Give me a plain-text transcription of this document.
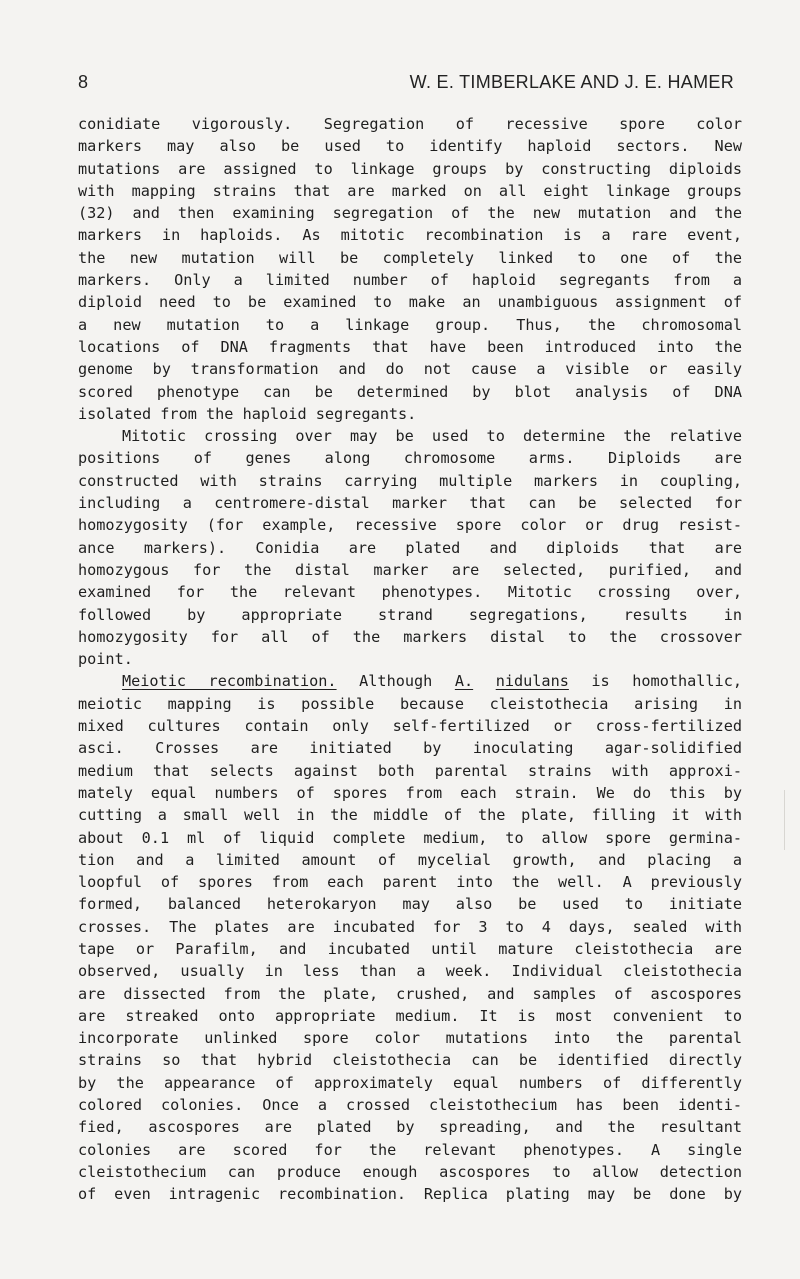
8	W. E. TIMBERLAKE AND J. E. HAMER
conidiate vigorously. Segregation of recessive spore color
markers may also be used to identify haploid sectors. New
mutations are assigned to linkage groups by constructing diploids
with mapping strains that are marked on all eight linkage groups
(32) and then examining segregation of the new mutation and the
markers in haploids. As mitotic recombination is a rare event,
the new mutation will be completely linked to one of the
markers. Only a limited number of haploid segregants from a
diploid need to be examined to make an unambiguous assignment of
a new mutation to a linkage group. Thus, the chromosomal
locations of DNA fragments that have been introduced into the
genome by transformation and do not cause a visible or easily
scored phenotype can be determined by blot analysis of DNA
isolated from the haploid segregants.
Mitotic crossing over may be used to determine the relative
positions of genes along chromosome arms. Diploids are
constructed with strains carrying multiple markers in coupling,
including a centromere-distal marker that can be selected for
homozygosity (for example, recessive spore color or drug resist-
ance markers). Conidia are plated and diploids that are
homozygous for the distal marker are selected, purified, and
examined for the relevant phenotypes. Mitotic crossing over,
followed by appropriate strand segregations, results in
homozygosity for all of the markers distal to the crossover
point.
Meiotic recombination. Although A. nidulans is homothallic,
meiotic mapping is possible because cleistothecia arising in
mixed cultures contain only self-fertilized or cross-fertilized
asci. Crosses are initiated by inoculating agar-solidified
medium that selects against both parental strains with approxi-
mately equal numbers of spores from each strain. We do this by
cutting a small well in the middle of the plate, filling it with
about 0.1 ml of liquid complete medium, to allow spore germina-
tion and a limited amount of mycelial growth, and placing a
loopful of spores from each parent into the well. A previously
formed, balanced heterokaryon may also be used to initiate
crosses. The plates are incubated for 3 to 4 days, sealed with
tape or Parafilm, and incubated until mature cleistothecia are
observed, usually in less than a week. Individual cleistothecia
are dissected from the plate, crushed, and samples of ascospores
are streaked onto appropriate medium. It is most convenient to
incorporate unlinked spore color mutations into the parental
strains so that hybrid cleistothecia can be identified directly
by the appearance of approximately equal numbers of differently
colored colonies. Once a crossed cleistothecium has been identi-
fied, ascospores are plated by spreading, and the resultant
colonies are scored for the relevant phenotypes. A single
cleistothecium can produce enough ascospores to allow detection
of even intragenic recombination. Replica plating may be done by
